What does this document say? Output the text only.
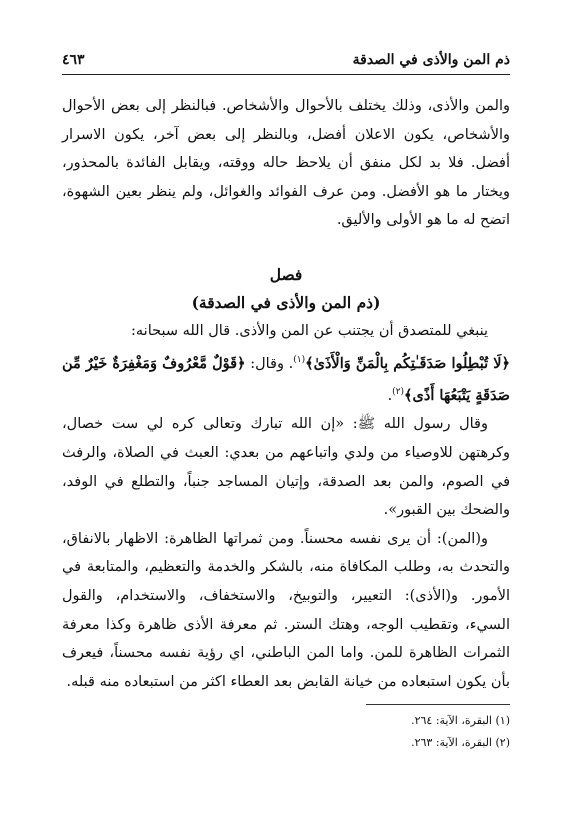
ذم المن والأذى في الصدقة
٤٦٣

والمن والأذى، وذلك يختلف بالأحوال والأشخاص. فبالنظر إلى بعض الأحوال والأشخاص، يكون الاعلان أفضل، وبالنظر إلى بعض آخر، يكون الاسرار أفضل. فلا بد لكل منفق أن يلاحظ حاله ووقته، ويقابل الفائدة بالمحذور، ويختار ما هو الأفضل. ومن عرف الفوائد والغوائل، ولم ينظر بعين الشهوة، اتضح له ما هو الأولى والأليق.

فصل

(ذم المن والأذى في الصدقة)

ينبغي للمتصدق أن يجتنب عن المن والأذى. قال الله سبحانه:

﴿لَا تُبْطِلُوا صَدَقَـٰتِكُم بِالْمَنِّ وَالْأَذَىٰ﴾$^{(١)}$. وقال: ﴿قَوْلٌ مَّعْرُوفٌ وَمَغْفِرَةٌ خَيْرٌ مِّن صَدَقَةٍ يَتْبَعُهَا أَذًى﴾$^{(٢)}$.

وقال رسول الله ﷺ: «إن الله تبارك وتعالى كره لي ست خصال، وكرهتهن للاوصياء من ولدي واتباعهم من بعدي: العبث في الصلاة، والرفث في الصوم، والمن بعد الصدقة، وإتيان المساجد جنباً، والتطلع في الوفد، والضحك بين القبور».

و(المن): أن يرى نفسه محسناً. ومن ثمراتها الظاهرة: الاظهار بالانفاق، والتحدث به، وطلب المكافاة منه، بالشكر والخدمة والتعظيم، والمتابعة في الأمور. و(الأذى): التعيير، والتوبيخ، والاستخفاف، والاستخدام، والقول السيء، وتقطيب الوجه، وهتك الستر. ثم معرفة الأذى ظاهرة وكذا معرفة الثمرات الظاهرة للمن. واما المن الباطني، اي رؤية نفسه محسناً، فيعرف بأن يكون استبعاده من خيانة القابض بعد العطاء اكثر من استبعاده منه قبله.

(١) البقرة، الآية: ٢٦٤.

(٢) البقرة، الآية: ٢٦٣.
